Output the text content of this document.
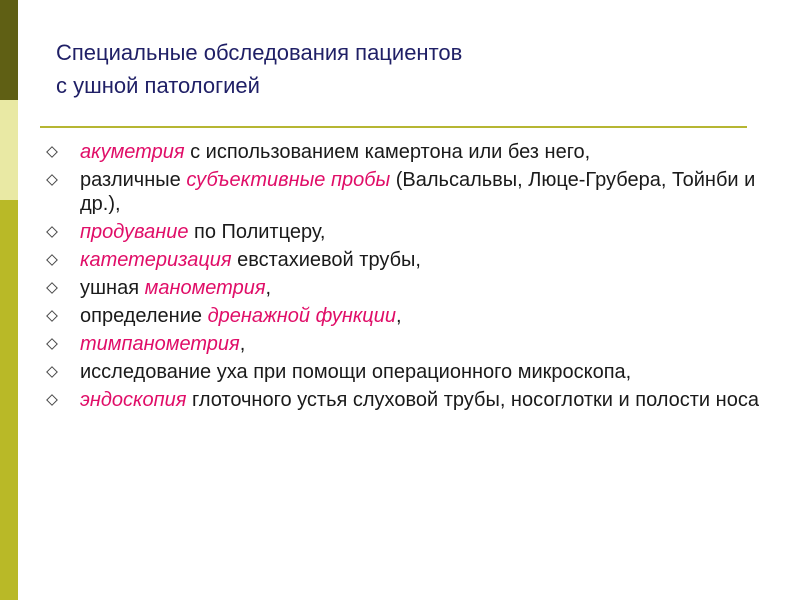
Специальные обследования пациентов
с ушной патологией
акуметрия с использованием камертона или без него,
различные субъективные пробы (Вальсальвы, Люце-Грубера, Тойнби и др.),
продувание по Политцеру,
катетеризация евстахиевой трубы,
ушная манометрия,
определение дренажной функции,
тимпанометрия,
исследование уха при помощи операционного микроскопа,
эндоскопия глоточного устья слуховой трубы, носоглотки и полости носа
